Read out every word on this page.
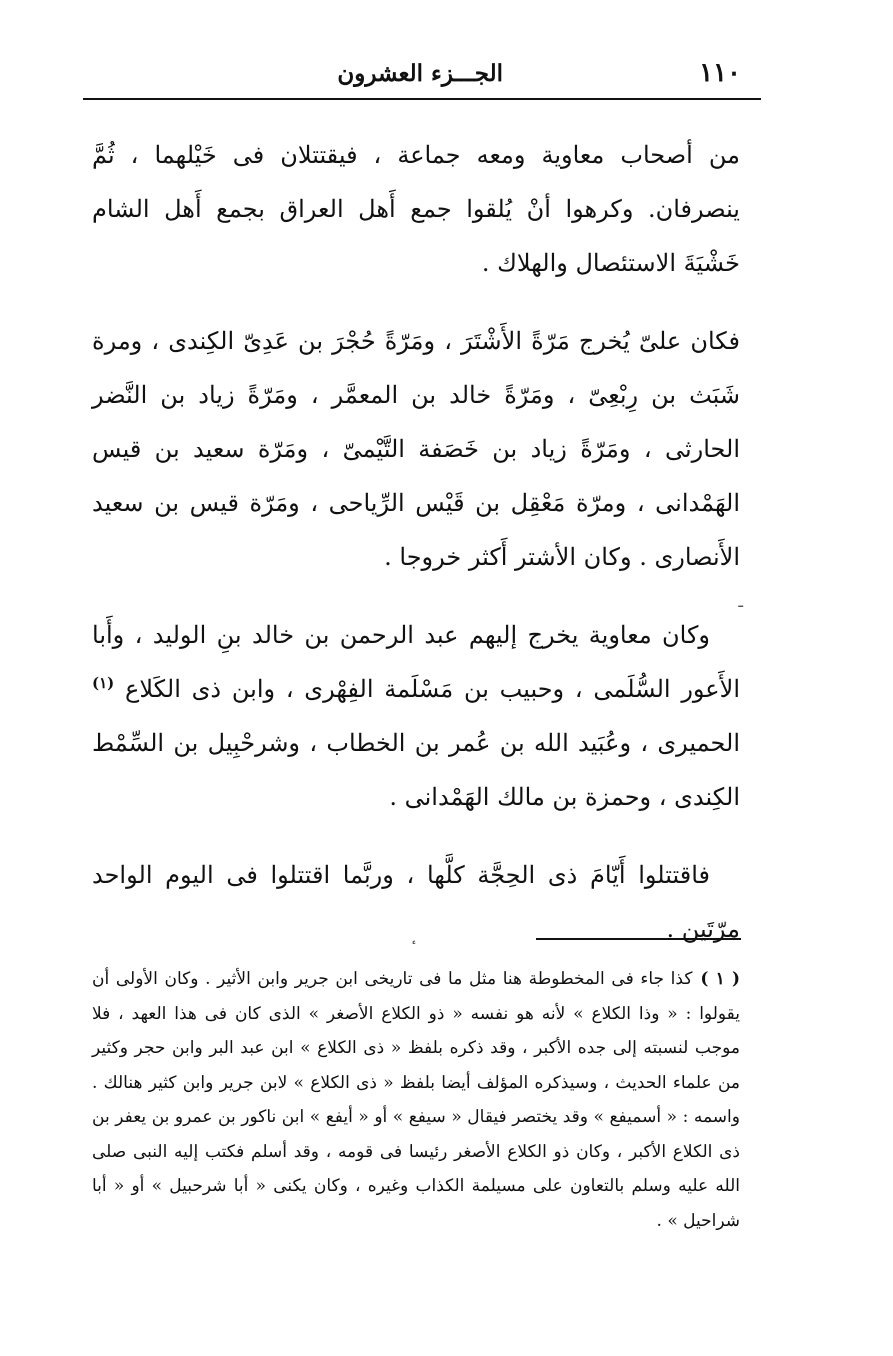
١١٠
الجـــزء العشرون

من أصحاب معاوية ومعه جماعة ، فيقتتلان فى خَيْلهما ، ثُمَّ ينصرفان. وكرهوا أنْ يُلقوا جمع أَهل العراق بجمع أَهل الشام خَشْيَةَ الاستئصال والهلاك .

فكان علىّ يُخرج مَرّةً الأَشْتَرَ ، ومَرّةً حُجْرَ بن عَدِىّ الكِندى ، ومرة شَبَث بن رِبْعِىّ ، ومَرّةً خالد بن المعمَّر ، ومَرّةً زياد بن النَّضر الحارثى ، ومَرّةً زياد بن خَصَفة التَّيْمىّ ، ومَرّة سعيد بن قيس الهَمْدانى ، ومرّة مَعْقِل بن قَيْس الرِّياحى ، ومَرّة قيس بن سعيد الأَنصارى . وكان الأشتر أَكثر خروجا .

وكان معاوية يخرج إليهم عبد الرحمن بن خالد بنِ الوليد ، وأَبا الأَعور السُّلَمى ، وحبيب بن مَسْلَمة الفِهْرى ، وابن ذى الكَلاع $^{(١)}$ الحميرى ، وعُبَيد الله بن عُمر بن الخطاب ، وشرحْبِيل بن السِّمْط الكِندى ، وحمزة بن مالك الهَمْدانى .

فاقتتلوا أَيّامَ ذى الحِجَّة كلَّها ، وربَّما اقتتلوا فى اليوم الواحد مرّتَين .

ـ

( ١ )كذا جاء فى المخطوطة هنا مثل ما فى تاريخى ابن جرير وابن الأثير . وكان الأولى أن يقولوا : « وذا الكلاع » لأنه هو نفسه « ذو الكلاع الأصغر » الذى كان فى هذا العهد ، فلا موجب لنسبته إلى جده الأكبر ، وقد ذكره بلفظ « ذى الكلاع » ابن عبد البر وابن حجر وكثير من علماء الحديث ، وسيذكره المؤلف أيضا بلفظ « ذى الكلاع » لابن جرير وابن كثير هنالك . واسمه : « أسميفع » وقد يختصر فيقال « سيفع » أو « أيفع » ابن ناكور بن عمرو بن يعفر بن ذى الكلاع الأكبر ، وكان ذو الكلاع الأصغر رئيسا فى قومه ، وقد أسلم فكتب إليه النبى صلى الله عليه وسلم بالتعاون على مسيلمة الكذاب وغيره ، وكان يكنى « أبا شرحبيل » أو « أبا شراحيل » .
